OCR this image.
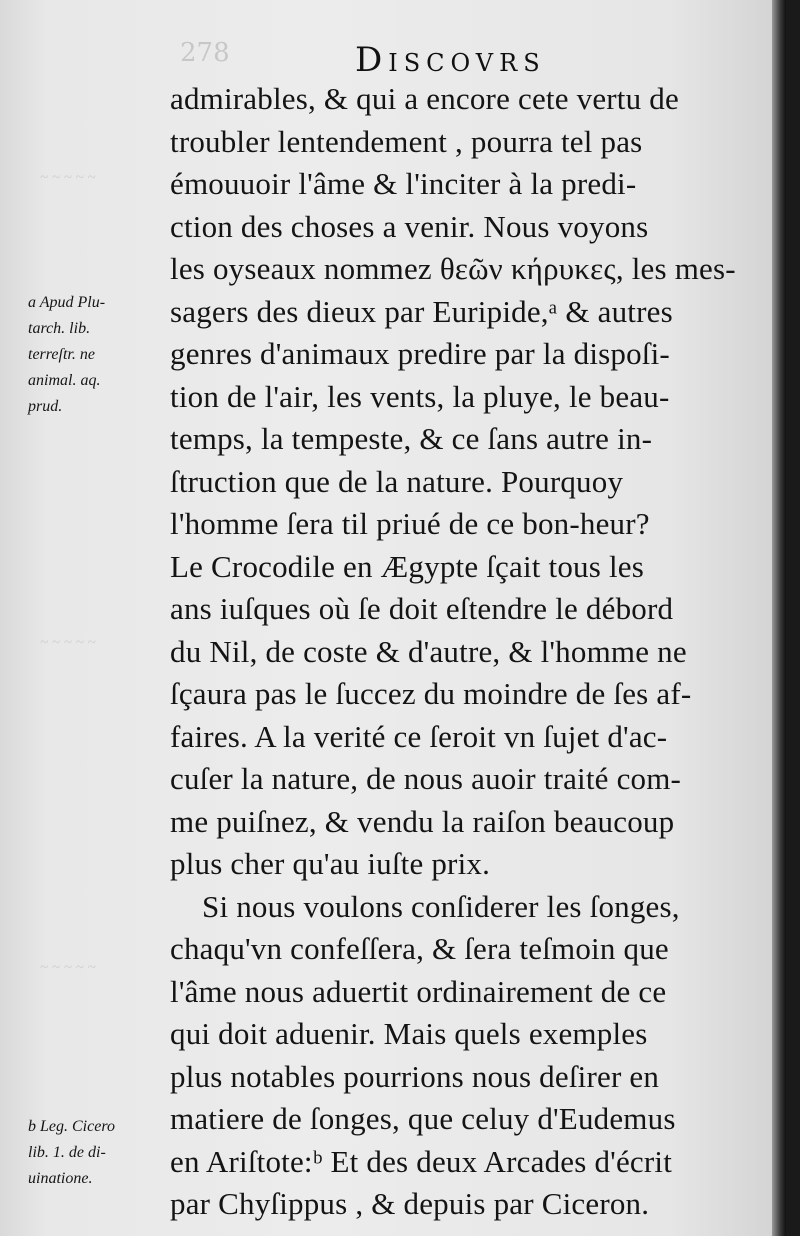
~ ~ ~ ~ ~
~ ~ ~ ~ ~
~ ~ ~ ~ ~
278	Discovrs
admirables, & qui a encore cete vertu de
troubler lentendement , pourra tel pas
émouuoir l'âme & l'inciter à la predi-
ction des choses a venir. Nous voyons
les oyseaux nommez θεῶν κήρυκες, les mes-
sagers des dieux par Euripide,ᵃ & autres
genres d'animaux predire par la dispoſi-
tion de l'air, les vents, la pluye, le beau-
temps, la tempeste, & ce ſans autre in-
ſtruction que de la nature. Pourquoy
l'homme ſera til priué de ce bon-heur?
Le Crocodile en Ægypte ſçait tous les
ans iuſques où ſe doit eſtendre le débord
du Nil, de coste & d'autre, & l'homme ne
ſçaura pas le ſuccez du moindre de ſes af-
faires. A la verité ce ſeroit vn ſujet d'ac-
cuſer la nature, de nous auoir traité com-
me puiſnez, & vendu la raiſon beaucoup
plus cher qu'au iuſte prix.
Si nous voulons conſiderer les ſonges,
chaqu'vn confeſſera, & ſera teſmoin que
l'âme nous aduertit ordinairement de ce
qui doit aduenir. Mais quels exemples
plus notables pourrions nous deſirer en
matiere de ſonges, que celuy d'Eudemus
en Ariſtote:ᵇ Et des deux Arcades d'écrit
par Chyſippus , & depuis par Ciceron.
a Apud Plu-
tarch. lib.
terreſtr. ne
animal. aq.
prud.
b Leg. Cicero
lib. 1. de di-
uinatione.
